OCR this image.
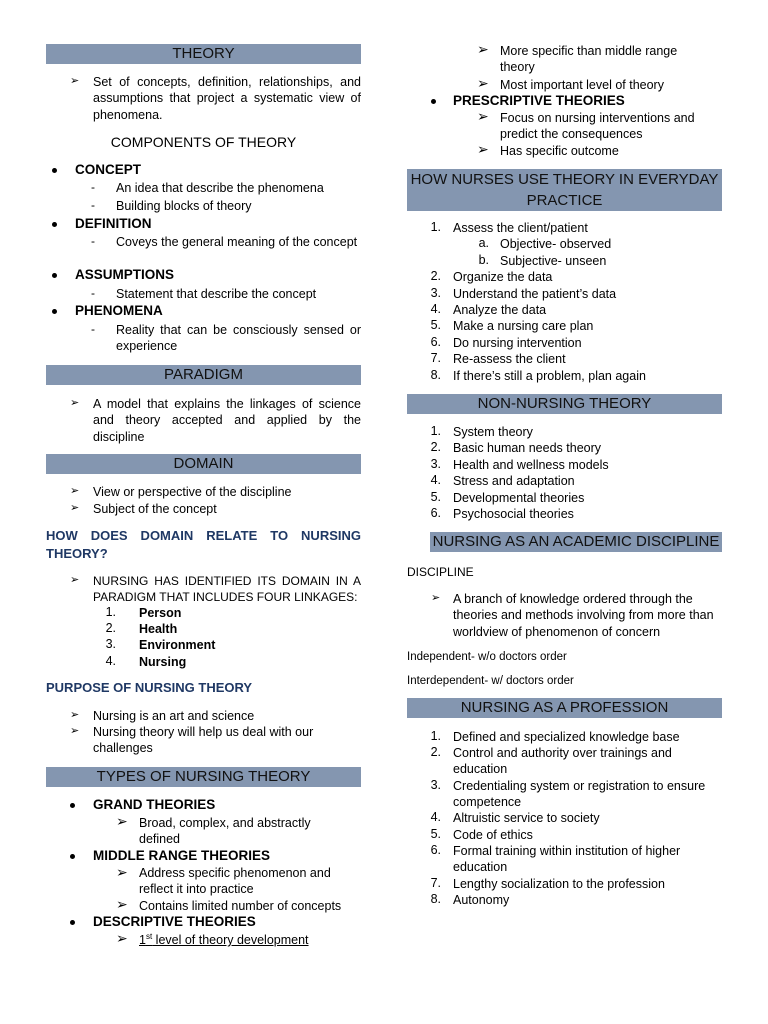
THEORY
➢ Set of concepts, definition, relationships, and assumptions that project a systematic view of phenomena.
COMPONENTS OF THEORY
CONCEPT
- An idea that describe the phenomena
- Building blocks of theory
DEFINITION
- Coveys the general meaning of the concept
ASSUMPTIONS
- Statement that describe the concept
PHENOMENA
- Reality that can be consciously sensed or experience
PARADIGM
➢ A model that explains the linkages of science and theory accepted and applied by the discipline
DOMAIN
➢ View or perspective of the discipline
➢ Subject of the concept
HOW DOES DOMAIN RELATE TO NURSING THEORY?
➢ NURSING HAS IDENTIFIED ITS DOMAIN IN A PARADIGM THAT INCLUDES FOUR LINKAGES:
1. Person
2. Health
3. Environment
4. Nursing
PURPOSE OF NURSING THEORY
➢ Nursing is an art and science
➢ Nursing theory will help us deal with our challenges
TYPES OF NURSING THEORY
GRAND THEORIES
➢ Broad, complex, and abstractly defined
MIDDLE RANGE THEORIES
➢ Address specific phenomenon and reflect it into practice
➢ Contains limited number of concepts
DESCRIPTIVE THEORIES
➢ 1st level of theory development
➢ More specific than middle range theory
➢ Most important level of theory
PRESCRIPTIVE THEORIES
➢ Focus on nursing interventions and predict the consequences
➢ Has specific outcome
HOW NURSES USE THEORY IN EVERYDAY PRACTICE
1. Assess the client/patient
a. Objective- observed
b. Subjective- unseen
2. Organize the data
3. Understand the patient’s data
4. Analyze the data
5. Make a nursing care plan
6. Do nursing intervention
7. Re-assess the client
8. If there’s still a problem, plan again
NON-NURSING THEORY
1. System theory
2. Basic human needs theory
3. Health and wellness models
4. Stress and adaptation
5. Developmental theories
6. Psychosocial theories
NURSING AS AN ACADEMIC DISCIPLINE
DISCIPLINE
➢ A branch of knowledge ordered through the theories and methods involving from more than worldview of phenomenon of concern
Independent- w/o doctors order
Interdependent- w/ doctors order
NURSING AS A PROFESSION
1. Defined and specialized knowledge base
2. Control and authority over trainings and education
3. Credentialing system or registration to ensure competence
4. Altruistic service to society
5. Code of ethics
6. Formal training within institution of higher education
7. Lengthy socialization to the profession
8. Autonomy
